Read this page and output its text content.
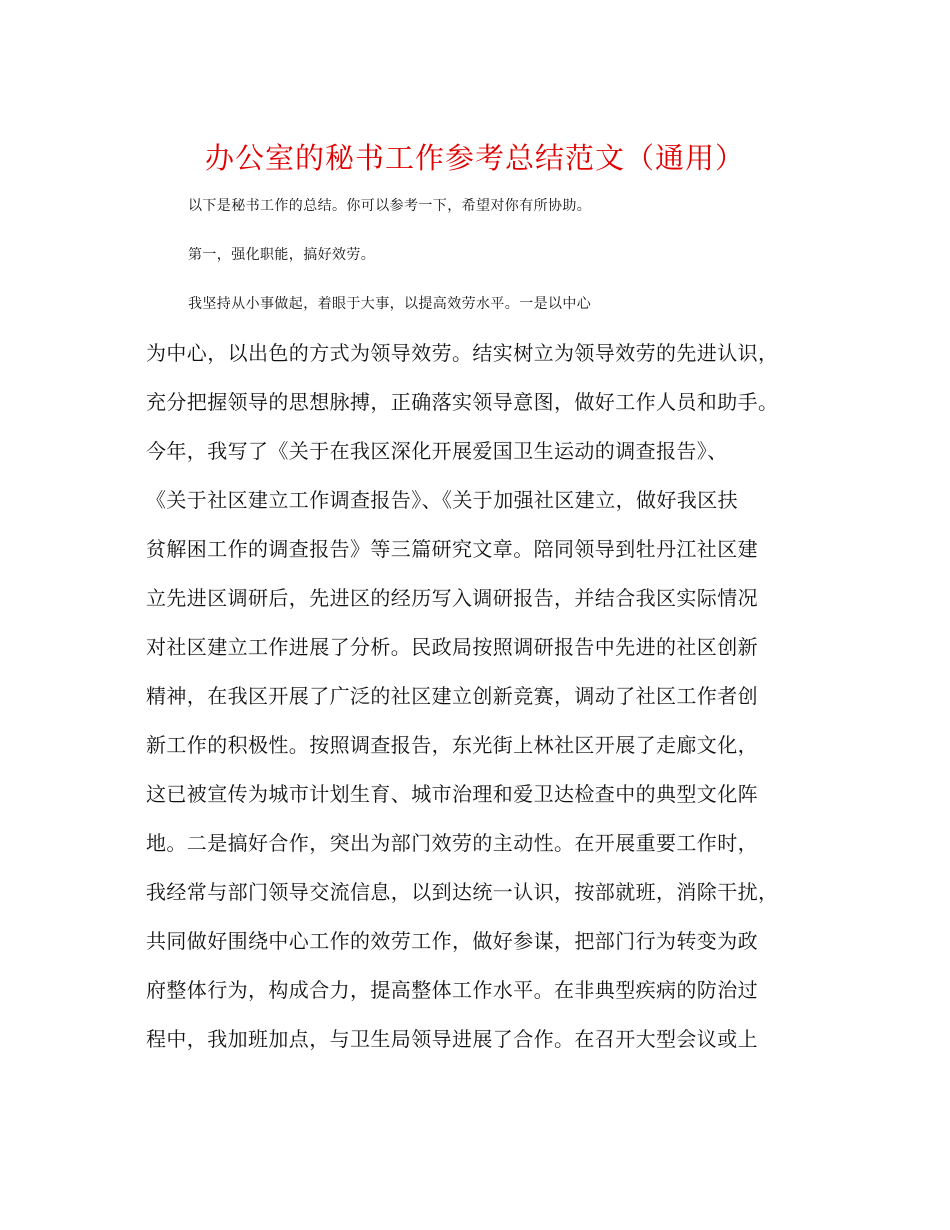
办公室的秘书工作参考总结范文（通用）
以下是秘书工作的总结。你可以参考一下，希望对你有所协助。
第一，强化职能，搞好效劳。
我坚持从小事做起，着眼于大事，以提高效劳水平。一是以中心
为中心，以出色的方式为领导效劳。结实树立为领导效劳的先进认识，
充分把握领导的思想脉搏，正确落实领导意图，做好工作人员和助手。
今年，我写了《关于在我区深化开展爱国卫生运动的调查报告》、
《关于社区建立工作调查报告》、《关于加强社区建立，做好我区扶
贫解困工作的调查报告》等三篇研究文章。陪同领导到牡丹江社区建
立先进区调研后，先进区的经历写入调研报告，并结合我区实际情况
对社区建立工作进展了分析。民政局按照调研报告中先进的社区创新
精神，在我区开展了广泛的社区建立创新竞赛，调动了社区工作者创
新工作的积极性。按照调查报告，东光街上林社区开展了走廊文化，
这已被宣传为城市计划生育、城市治理和爱卫达检查中的典型文化阵
地。二是搞好合作，突出为部门效劳的主动性。在开展重要工作时，
我经常与部门领导交流信息，以到达统一认识，按部就班，消除干扰，
共同做好围绕中心工作的效劳工作，做好参谋，把部门行为转变为政
府整体行为，构成合力，提高整体工作水平。在非典型疾病的防治过
程中，我加班加点，与卫生局领导进展了合作。在召开大型会议或上
